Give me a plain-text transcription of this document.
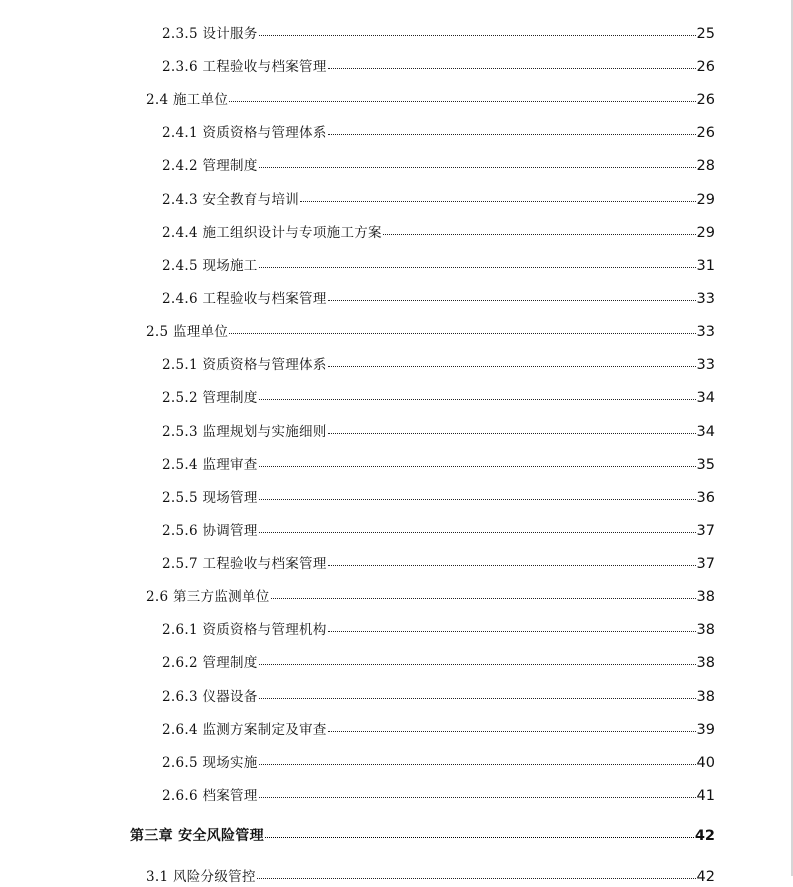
2.3.5 设计服务	25
2.3.6 工程验收与档案管理	26
2.4 施工单位	26
2.4.1 资质资格与管理体系	26
2.4.2 管理制度	28
2.4.3 安全教育与培训	29
2.4.4 施工组织设计与专项施工方案	29
2.4.5 现场施工	31
2.4.6 工程验收与档案管理	33
2.5 监理单位	33
2.5.1 资质资格与管理体系	33
2.5.2 管理制度	34
2.5.3 监理规划与实施细则	34
2.5.4 监理审查	35
2.5.5 现场管理	36
2.5.6 协调管理	37
2.5.7 工程验收与档案管理	37
2.6 第三方监测单位	38
2.6.1 资质资格与管理机构	38
2.6.2 管理制度	38
2.6.3 仪器设备	38
2.6.4 监测方案制定及审查	39
2.6.5 现场实施	40
2.6.6 档案管理	41
第三章 安全风险管理	42
3.1 风险分级管控	42
